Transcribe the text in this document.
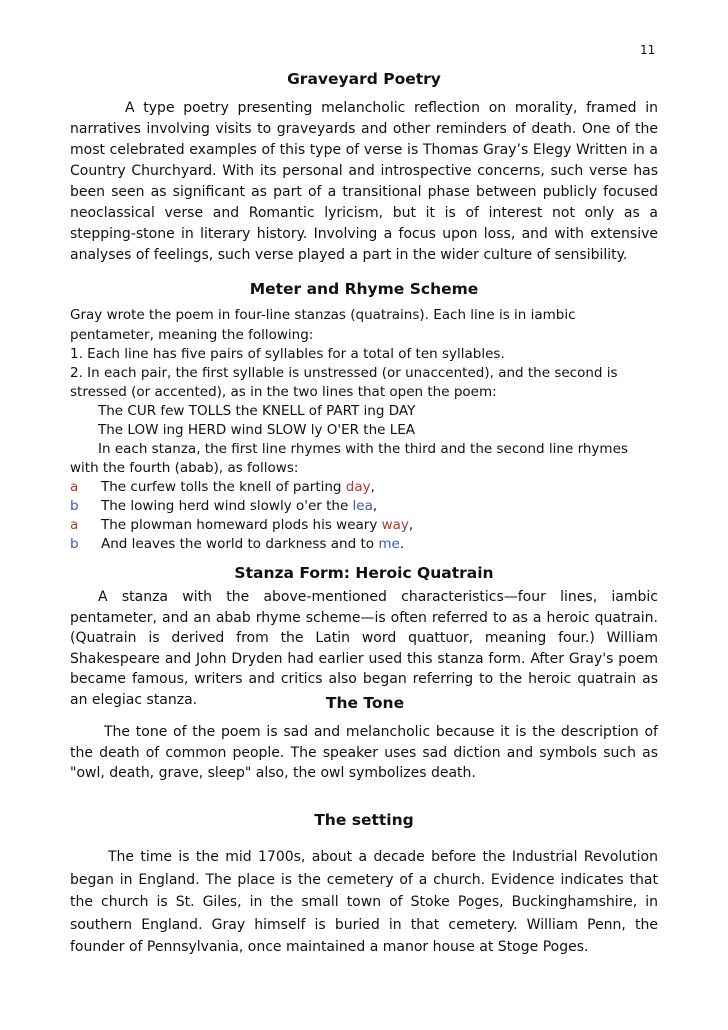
11
Graveyard Poetry

A type poetry presenting melancholic reflection on morality, framed in narratives involving visits to graveyards and other reminders of death. One of the most celebrated examples of this type of verse is Thomas Gray’s Elegy Written in a Country Churchyard. With its personal and introspective concerns, such verse has been seen as significant as part of a transitional phase between publicly focused neoclassical verse and Romantic lyricism, but it is of interest not only as a stepping-stone in literary history. Involving a focus upon loss, and with extensive analyses of feelings, such verse played a part in the wider culture of sensibility.

Meter and Rhyme Scheme
Gray wrote the poem in four-line stanzas (quatrains). Each line is in iambic
pentameter, meaning the following:
1. Each line has five pairs of syllables for a total of ten syllables.
2. In each pair, the first syllable is unstressed (or unaccented), and the second is
stressed (or accented), as in the two lines that open the poem:
The CUR few TOLLS the KNELL of PART ing DAY
The LOW ing HERD wind SLOW ly O'ER the LEA
In each stanza, the first line rhymes with the third and the second line rhymes
with the fourth (abab), as follows:
a The curfew tolls the knell of parting day,
b The lowing herd wind slowly o'er the lea,
a The plowman homeward plods his weary way,
b And leaves the world to darkness and to me.
Stanza Form: Heroic Quatrain

A stanza with the above-mentioned characteristics—four lines, iambic pentameter, and an abab rhyme scheme—is often referred to as a heroic quatrain. (Quatrain is derived from the Latin word quattuor, meaning four.) William Shakespeare and John Dryden had earlier used this stanza form. After Gray's poem became famous, writers and critics also began referring to the heroic quatrain as an elegiac stanza.	The Tone

The tone of the poem is sad and melancholic because it is the description of the death of common people. The speaker uses sad diction and symbols such as "owl, death, grave, sleep" also, the owl symbolizes death.

The setting

The time is the mid 1700s, about a decade before the Industrial Revolution began in England. The place is the cemetery of a church. Evidence indicates that the church is St. Giles, in the small town of Stoke Poges, Buckinghamshire, in southern England. Gray himself is buried in that cemetery. William Penn, the founder of Pennsylvania, once maintained a manor house at Stoge Poges.
